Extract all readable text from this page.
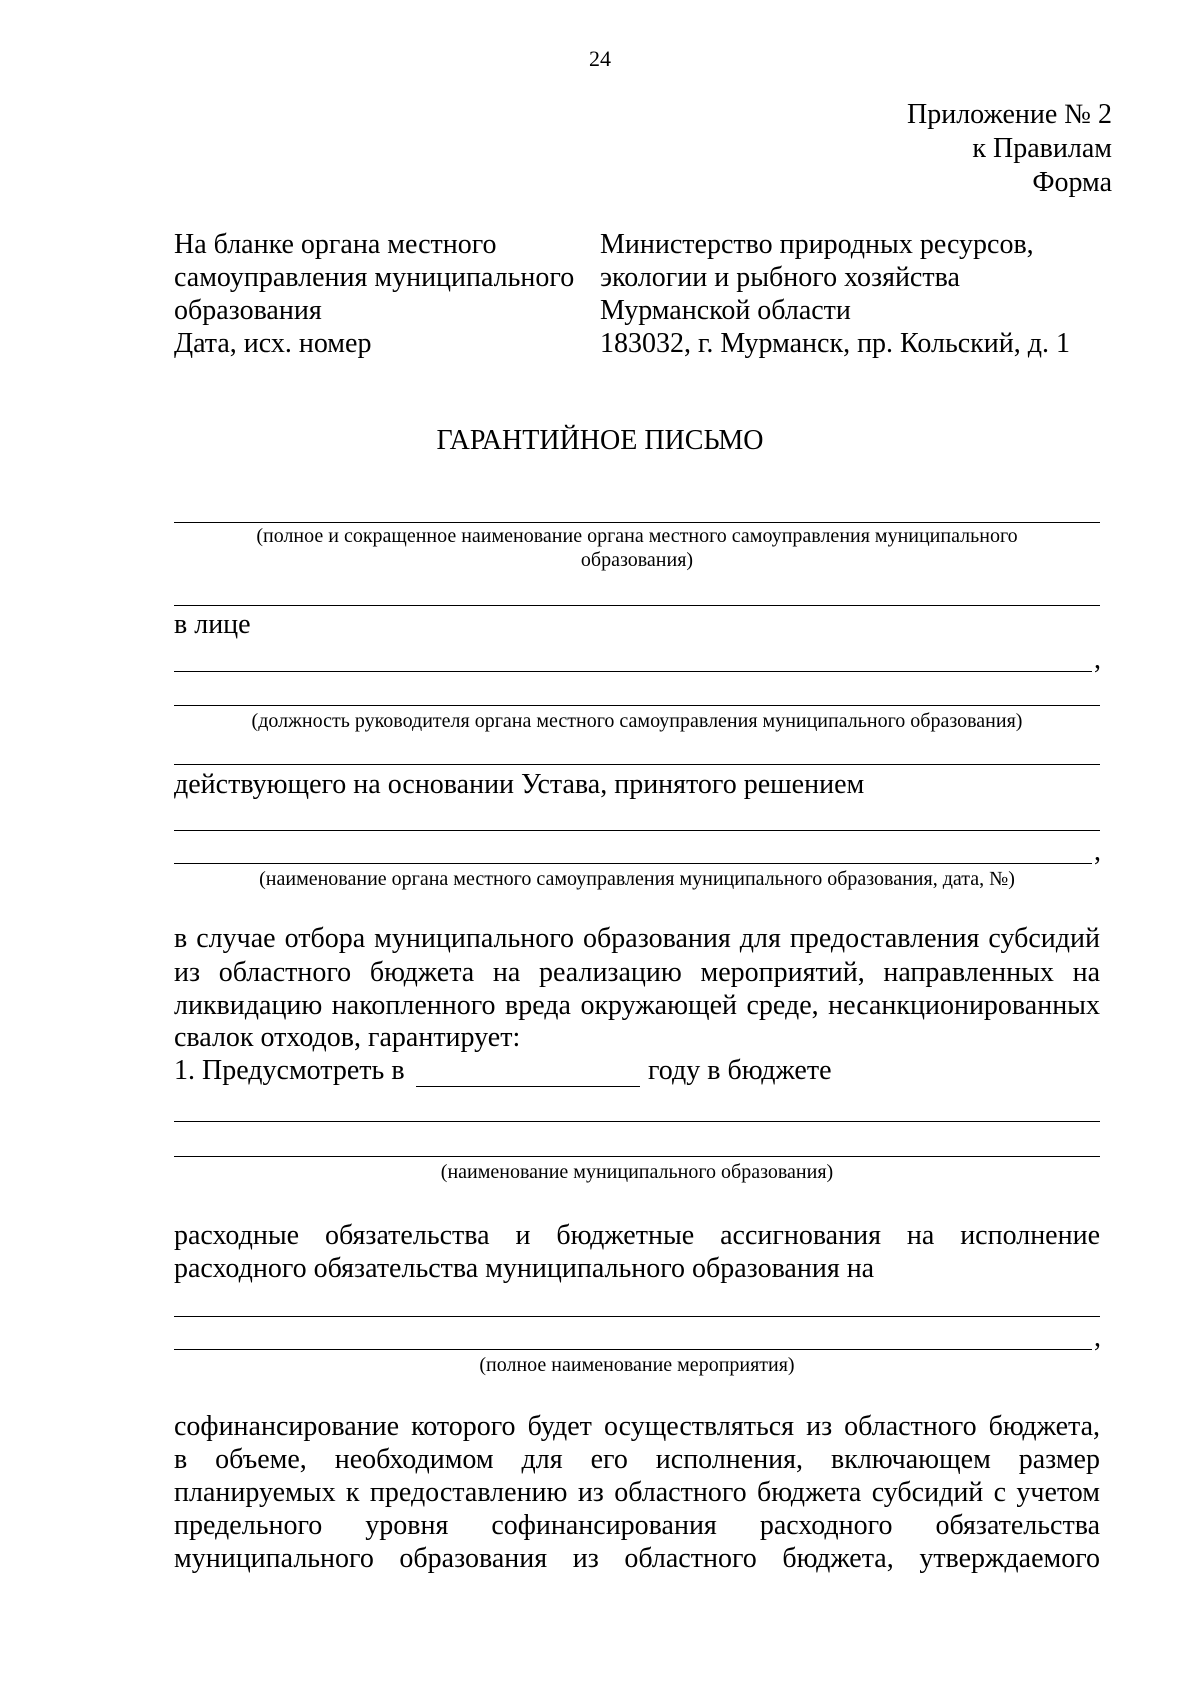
24
Приложение № 2
к Правилам
Форма
На бланке органа местного
самоуправления муниципального
образования
Дата, исх. номер
Министерство природных ресурсов,
экологии и рыбного хозяйства
Мурманской области
183032, г. Мурманск, пр. Кольский, д. 1
ГАРАНТИЙНОЕ ПИСЬМО
(полное и сокращенное наименование органа местного самоуправления муниципального
образования)
в лице
,
(должность руководителя органа местного самоуправления муниципального образования)
действующего на основании Устава, принятого решением
,
(наименование органа местного самоуправления муниципального образования, дата, №)
в случае отбора муниципального образования для предоставления субсидий
из областного бюджета на реализацию мероприятий, направленных на
ликвидацию накопленного вреда окружающей среде, несанкционированных
свалок отходов, гарантирует:
1. Предусмотреть в	году в бюджете
(наименование муниципального образования)
расходные обязательства и бюджетные ассигнования на исполнение
расходного обязательства муниципального образования на
,
(полное наименование мероприятия)
софинансирование которого будет осуществляться из областного бюджета,
в объеме, необходимом для его исполнения, включающем размер
планируемых к предоставлению из областного бюджета субсидий с учетом
предельного уровня софинансирования расходного обязательства
муниципального образования из областного бюджета, утверждаемого
